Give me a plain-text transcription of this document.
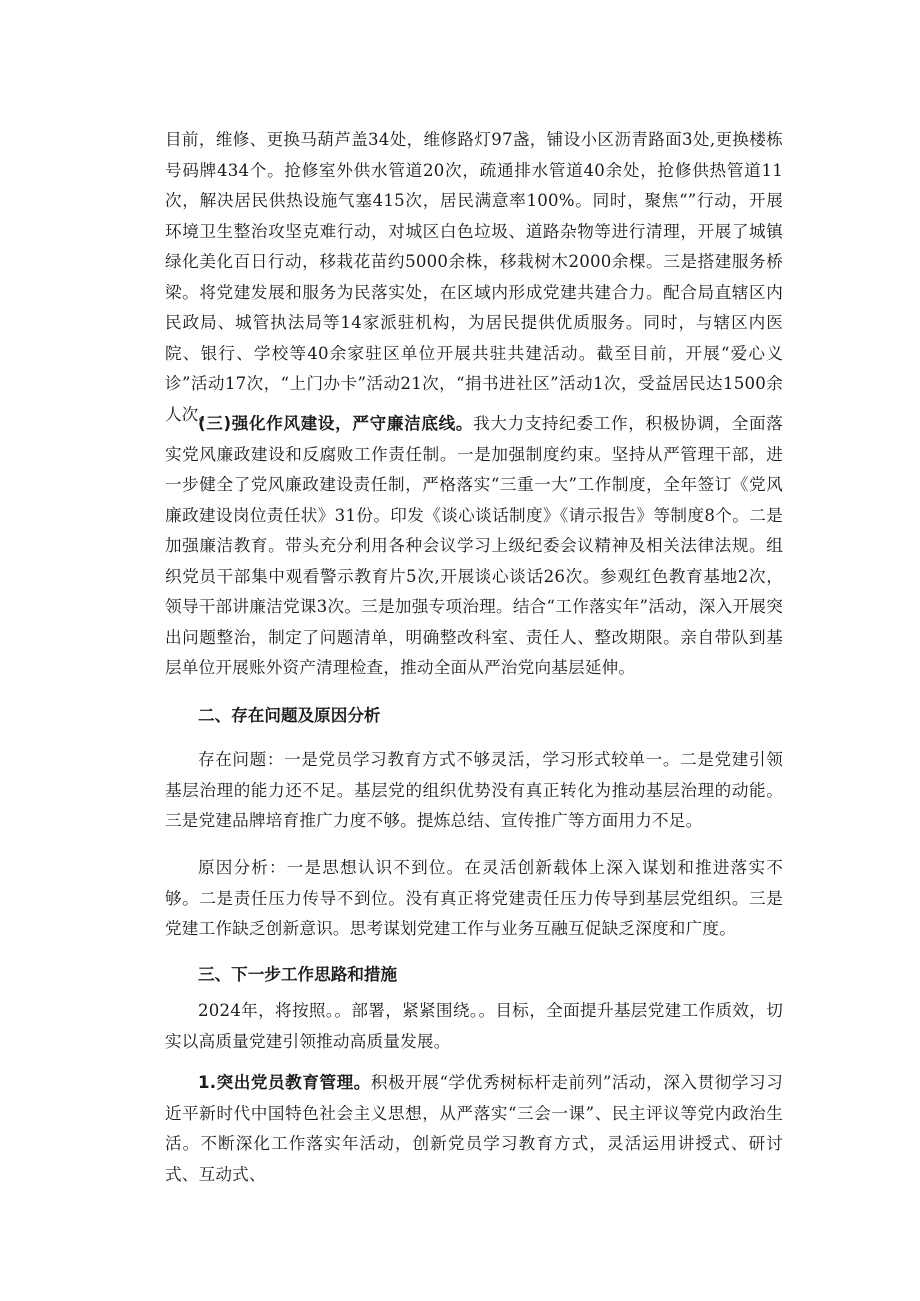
目前，维修、更换马葫芦盖34处，维修路灯97盏，铺设小区沥青路面3处,更换楼栋号码牌434个。抢修室外供水管道20次，疏通排水管道40余处，抢修供热管道11次，解决居民供热设施气塞415次，居民满意率100%。同时，聚焦“”行动，开展环境卫生整治攻坚克难行动，对城区白色垃圾、道路杂物等进行清理，开展了城镇绿化美化百日行动，移栽花苗约5000余株，移栽树木2000余棵。三是搭建服务桥梁。将党建发展和服务为民落实处，在区域内形成党建共建合力。配合局直辖区内民政局、城管执法局等14家派驻机构，为居民提供优质服务。同时，与辖区内医院、银行、学校等40余家驻区单位开展共驻共建活动。截至目前，开展“爱心义诊”活动17次，“上门办卡”活动21次，“捐书进社区”活动1次，受益居民达1500余人次。

(三)强化作风建设，严守廉洁底线。我大力支持纪委工作，积极协调，全面落实党风廉政建设和反腐败工作责任制。一是加强制度约束。坚持从严管理干部，进一步健全了党风廉政建设责任制，严格落实“三重一大”工作制度，全年签订《党风廉政建设岗位责任状》31份。印发《谈心谈话制度》《请示报告》等制度8个。二是加强廉洁教育。带头充分利用各种会议学习上级纪委会议精神及相关法律法规。组织党员干部集中观看警示教育片5次,开展谈心谈话26次。参观红色教育基地2次，领导干部讲廉洁党课3次。三是加强专项治理。结合“工作落实年”活动，深入开展突出问题整治，制定了问题清单，明确整改科室、责任人、整改期限。亲自带队到基层单位开展账外资产清理检查，推动全面从严治党向基层延伸。

二、存在问题及原因分析

存在问题：一是党员学习教育方式不够灵活，学习形式较单一。二是党建引领基层治理的能力还不足。基层党的组织优势没有真正转化为推动基层治理的动能。三是党建品牌培育推广力度不够。提炼总结、宣传推广等方面用力不足。

原因分析：一是思想认识不到位。在灵活创新载体上深入谋划和推进落实不够。二是责任压力传导不到位。没有真正将党建责任压力传导到基层党组织。三是党建工作缺乏创新意识。思考谋划党建工作与业务互融互促缺乏深度和广度。

三、下一步工作思路和措施

2024年，将按照。。部署，紧紧围绕。。目标，全面提升基层党建工作质效，切实以高质量党建引领推动高质量发展。

1.突出党员教育管理。积极开展“学优秀树标杆走前列”活动，深入贯彻学习习近平新时代中国特色社会主义思想，从严落实“三会一课”、民主评议等党内政治生活。不断深化工作落实年活动，创新党员学习教育方式，灵活运用讲授式、研讨式、互动式、
